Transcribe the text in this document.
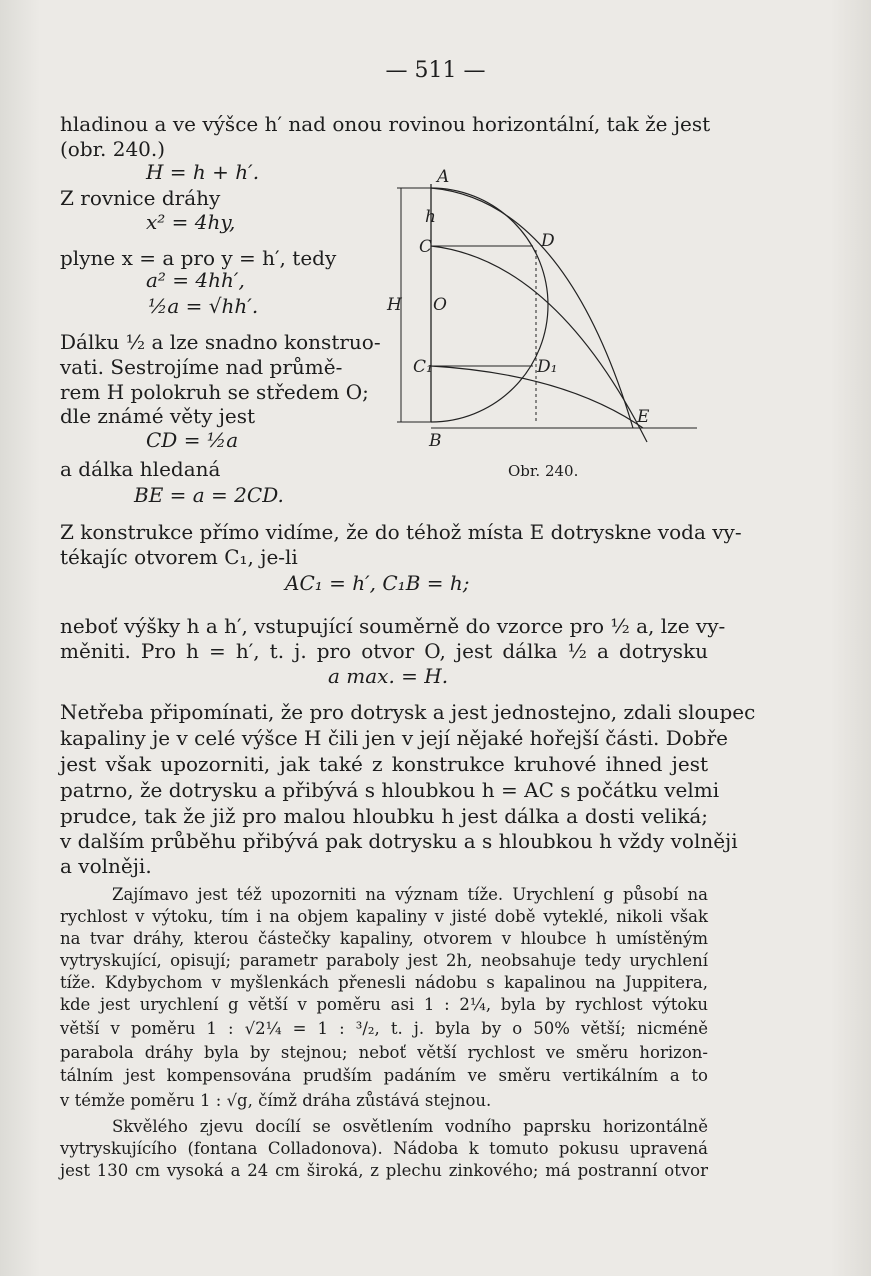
— 511 —
hladinou a ve výšce h′ nad onou rovinou horizontální, tak že jest
(obr. 240.)
H = h + h′.
Z rovnice dráhy
x² = 4hy,
plyne x = a pro y = h′, tedy
a² = 4hh′,
½a = √hh′.
Dálku ½ a lze snadno konstruo-
vati. Sestrojíme nad průmě-
rem H polokruh se středem O;
dle známé věty jest
CD = ½a
a dálka hledaná
BE = a = 2CD.
A
h
C	D
H O
C₁	D₁
B
E
Obr. 240.
Z konstrukce přímo vidíme, že do téhož místa E dotryskne voda vy-
tékajíc otvorem C₁, je-li
AC₁ = h′, C₁B = h;
neboť výšky h a h′, vstupující souměrně do vzorce pro ½ a, lze vy-
měniti. Pro h = h′, t. j. pro otvor O, jest dálka ½ a dotrysku
a max. = H.
Netřeba připomínati, že pro dotrysk a jest jednostejno, zdali sloupec
kapaliny je v celé výšce H čili jen v její nějaké hořejší části. Dobře
jest však upozorniti, jak také z konstrukce kruhové ihned jest
patrno, že dotrysku a přibývá s hloubkou h = AC s počátku velmi
prudce, tak že již pro malou hloubku h jest dálka a dosti veliká;
v dalším průběhu přibývá pak dotrysku a s hloubkou h vždy volněji
a volněji.
Zajímavo jest též upozorniti na význam tíže. Urychlení g působí na
rychlost v výtoku, tím i na objem kapaliny v jisté době vyteklé, nikoli však
na tvar dráhy, kterou částečky kapaliny, otvorem v hloubce h umístěným
vytryskující, opisují; parametr paraboly jest 2h, neobsahuje tedy urychlení
tíže. Kdybychom v myšlenkách přenesli nádobu s kapalinou na Juppitera,
kde jest urychlení g větší v poměru asi 1 : 2¼, byla by rychlost výtoku
větší v poměru 1 : √2¼ = 1 : ³/₂, t. j. byla by o 50% větší; nicméně
parabola dráhy byla by stejnou; neboť větší rychlost ve směru horizon-
tálním jest kompensována prudším padáním ve směru vertikálním a to
v témže poměru 1 : √g, čímž dráha zůstává stejnou.
Skvělého zjevu docílí se osvětlením vodního paprsku horizontálně
vytryskujícího (fontana Colladonova). Nádoba k tomuto pokusu upravená
jest 130 cm vysoká a 24 cm široká, z plechu zinkového; má postranní otvor
